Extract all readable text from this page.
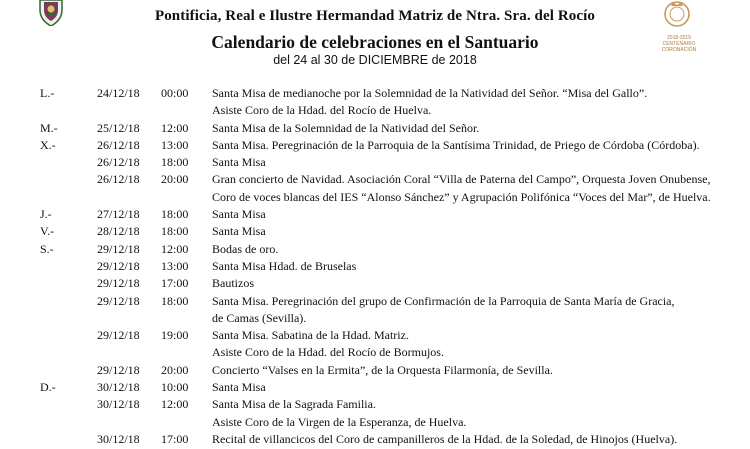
2018-2019
CENTENARIO CORONACIÓN
Pontificia, Real e Ilustre Hermandad Matriz de Ntra. Sra. del Rocío
Calendario de celebraciones en el Santuario
del 24 al 30 de DICIEMBRE de 2018
L.-	24/12/18 00:00 Santa Misa de medianoche por la Solemnidad de la Natividad del Señor. “Misa del Gallo”.
Asiste Coro de la Hdad. del Rocío de Huelva.
M.-	25/12/18 12:00 Santa Misa de la Solemnidad de la Natividad del Señor.
X.-	26/12/18 13:00 Santa Misa. Peregrinación de la Parroquia de la Santísima Trinidad, de Priego de Córdoba (Córdoba).
26/12/18 18:00 Santa Misa
26/12/18 20:00 Gran concierto de Navidad. Asociación Coral “Villa de Paterna del Campo”, Orquesta Joven Onubense,
Coro de voces blancas del IES “Alonso Sánchez” y Agrupación Polifónica “Voces del Mar”, de Huelva.
J.-	27/12/18 18:00 Santa Misa
V.-	28/12/18 18:00 Santa Misa
S.-	29/12/18 12:00 Bodas de oro.
29/12/18 13:00 Santa Misa Hdad. de Bruselas
29/12/18 17:00 Bautizos
29/12/18 18:00 Santa Misa. Peregrinación del grupo de Confirmación de la Parroquia de Santa María de Gracia,
de Camas (Sevilla).
29/12/18 19:00 Santa Misa. Sabatina de la Hdad. Matriz.
Asiste Coro de la Hdad. del Rocío de Bormujos.
29/12/18 20:00 Concierto “Valses en la Ermita”, de la Orquesta Filarmonía, de Sevilla.
D.-	30/12/18 10:00 Santa Misa
30/12/18 12:00 Santa Misa de la Sagrada Familia.
Asiste Coro de la Virgen de la Esperanza, de Huelva.
30/12/18 17:00 Recital de villancicos del Coro de campanilleros de la Hdad. de la Soledad, de Hinojos (Huelva).
